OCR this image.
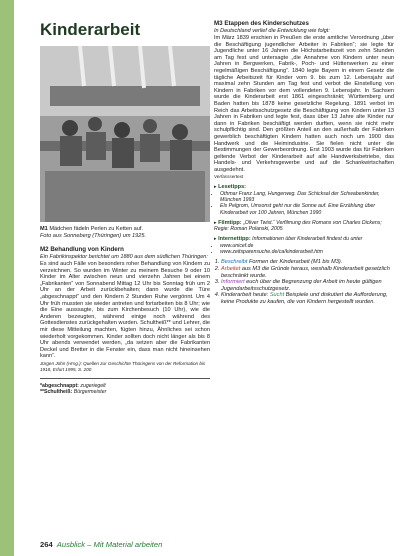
Kinderarbeit
M1 Mädchen fädeln Perlen zu Ketten auf.
Foto aus Sonneberg (Thüringen) um 1925.
M2 Behandlung von Kindern
Ein Fabrikinspektor berichtet um 1880 aus dem südlichen Thüringen:
Es sind auch Fälle von besonders roher Behandlung von Kindern zu verzeichnen. So wurden im Winter zu meinem Besuche 9 oder 10 Kinder im Alter zwischen neun und vierzehn Jahren bei einem „Fabrikanten“ von Sonnabend Mittag 12 Uhr bis Sonntag früh um 2 Uhr an der Arbeit zurückbehalten; dann wurde die Türe „abgeschnappt“ und den Kindern 2 Stunden Ruhe vergönnt. Um 4 Uhr früh mussten sie wieder antreten und fortarbeiten bis 8 Uhr; wie die Eine ausssagte, bis zum Kirchenbesuch (10 Uhr), wie die Anderen bezeugten, während einige noch während des Gottesdienstes zurückgehalten wurden. Schultheiß** und Lehrer, die mir diese Mitteilung machten, fügten hinzu, Ähnliches sei schon wiederholt vorgekommen. Kinder sollten doch nicht länger als bis 8 Uhr abends verwendet werden, „da setzen aber die Fabrikanten Deckel und Bretter in die Fenster ein, dass man nicht hineinsehen kann“.
Jürgen John (Hrsg.): Quellen zur Geschichte Thüringens von der Reformation bis 1918, Erfurt 1995, S. 200
*abgeschnappt: zugeriegelt
**Schultheiß: Bürgermeister
M3 Etappen des Kinderschutzes
In Deutschland verlief die Entwicklung wie folgt:
Im März 1839 erschien in Preußen die erste amtliche Verordnung „über die Beschäftigung jugendlicher Arbeiter in Fabriken“; sie legte für Jugendliche unter 16 Jahren die Höchstarbeitszeit von zehn Stunden am Tag fest und untersagte „die Annahme von Kindern unter neun Jahren in Bergwerken, Fabrik-, Poch- und Hüttenwerken zu einer regelmäßigen Beschäftigung“. 1840 legte Bayern in einem Gesetz die tägliche Arbeitszeit für Kinder vom 9. bis zum 12. Lebensjahr auf maximal zehn Stunden am Tag fest und verbot die Einstellung von Kindern in Fabriken vor dem vollendeten 9. Lebensjahr. In Sachsen wurde die Kinderarbeit erst 1861 eingeschränkt; Württemberg und Baden hatten bis 1878 keine gesetzliche Regelung. 1891 verbot im Reich das Arbeitsschutzgesetz die Beschäftigung von Kindern unter 13 Jahren in Fabriken und legte fest, dass über 13 Jahre alte Kinder nur dann in Fabriken beschäftigt werden durften, wenn sie nicht mehr schulpflichtig sind. Den größten Anteil an den außerhalb der Fabriken gewerblich beschäftigten Kindern hatten auch noch um 1900 das Handwerk und die Heimindustrie. Sie fielen nicht unter die Bestimmungen der Gewerbeordnung. Erst 1903 wurde das für Fabriken geltende Verbot der Kinderarbeit auf alle Handwerksbetriebe, das Handels- und Verkehrsgewerbe und auf die Schankwirtschaften ausgedehnt.
Verfasssertext
▸ Lesetipps:
• Othmar Franz Lang, Hungerweg. Das Schicksal der Schwabenkinder, München 1993
• Els Pelgrom, Umsonst geht nur die Sonne auf. Eine Erzählung über Kinderarbeit vor 100 Jahren, München 1990
▸ Filmtipp: „Oliver Twist.“ Verfilmung des Romans von Charles Dickens; Regie: Roman Polanski, 2005
▸ Internettipp: Informationen über Kinderarbeit findest du unter
• www.unicef.de
• www.zeitsparensuche.de/ca/kinderarbeit.htm
1. Beschreibt Formen der Kinderarbeit (M1 bis M3).
2. Arbeitet aus M3 die Gründe heraus, weshalb Kinderarbeit gesetzlich beschränkt wurde.
3. Informiert euch über die Begrenzung der Arbeit im heute gültigen Jugendarbeitsschutzgesetz.
4. Kinderarbeit heute: Sucht Beispiele und diskutiert die Aufforderung, keine Produkte zu kaufen, die von Kindern hergestellt wurden.
264 Ausblick – Mit Material arbeiten
